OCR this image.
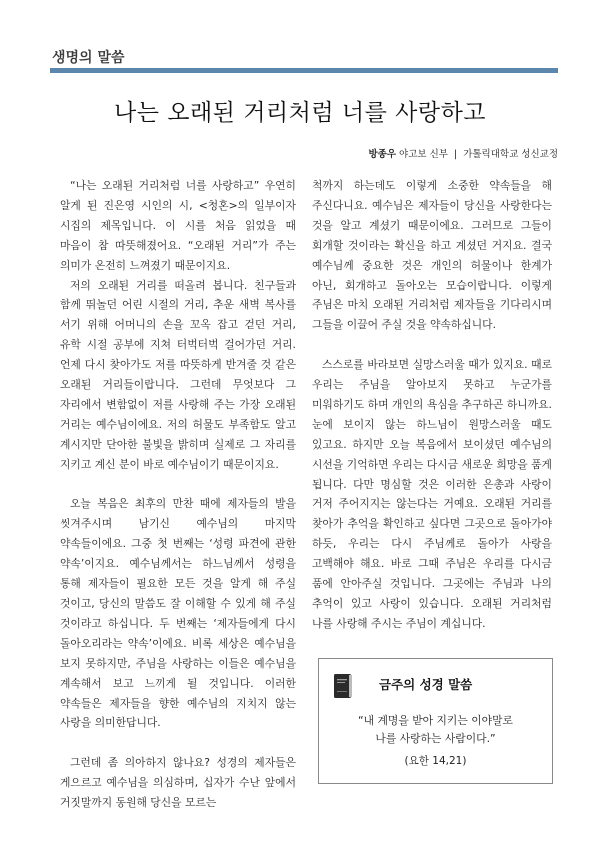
생명의 말씀
나는 오래된 거리처럼 너를 사랑하고
방종우 야고보 신부 | 가톨릭대학교 성신교정

“나는 오래된 거리처럼 너를 사랑하고” 우연히 알게 된 진은영 시인의 시, <청혼>의 일부이자 시집의 제목입니다. 이 시를 처음 읽었을 때 마음이 참 따뜻해졌어요. “오래된 거리”가 주는 의미가 온전히 느껴졌기 때문이지요.

저의 오래된 거리를 떠올려 봅니다. 친구들과 함께 뛰놀던 어린 시절의 거리, 추운 새벽 복사를 서기 위해 어머니의 손을 꼬옥 잡고 걷던 거리, 유학 시절 공부에 지쳐 터벅터벅 걸어가던 거리. 언제 다시 찾아가도 저를 따뜻하게 반겨줄 것 같은 오래된 거리들이랍니다. 그런데 무엇보다 그 자리에서 변함없이 저를 사랑해 주는 가장 오래된 거리는 예수님이에요. 저의 허물도 부족함도 알고 계시지만 단아한 불빛을 밝히며 실제로 그 자리를 지키고 계신 분이 바로 예수님이기 때문이지요.

오늘 복음은 최후의 만찬 때에 제자들의 발을 씻겨주시며 남기신 예수님의 마지막 약속들이에요. 그중 첫 번째는 ‘성령 파견에 관한 약속’이지요. 예수님께서는 하느님께서 성령을 통해 제자들이 필요한 모든 것을 알게 해 주실 것이고, 당신의 말씀도 잘 이해할 수 있게 해 주실 것이라고 하십니다. 두 번째는 ‘제자들에게 다시 돌아오리라는 약속’이에요. 비록 세상은 예수님을 보지 못하지만, 주님을 사랑하는 이들은 예수님을 계속해서 보고 느끼게 될 것입니다. 이러한 약속들은 제자들을 향한 예수님의 지치지 않는 사랑을 의미한답니다.

그런데 좀 의아하지 않나요? 성경의 제자들은 게으르고 예수님을 의심하며, 십자가 수난 앞에서 거짓말까지 동원해 당신을 모르는

척까지 하는데도 이렇게 소중한 약속들을 해 주신다니요. 예수님은 제자들이 당신을 사랑한다는 것을 알고 계셨기 때문이에요. 그러므로 그들이 회개할 것이라는 확신을 하고 계셨던 거지요. 결국 예수님께 중요한 것은 개인의 허물이나 한계가 아닌, 회개하고 돌아오는 모습이랍니다. 이렇게 주님은 마치 오래된 거리처럼 제자들을 기다리시며 그들을 이끌어 주실 것을 약속하십니다.

스스로를 바라보면 실망스러울 때가 있지요. 때로 우리는 주님을 알아보지 못하고 누군가를 미워하기도 하며 개인의 욕심을 추구하곤 하니까요. 눈에 보이지 않는 하느님이 원망스러울 때도 있고요. 하지만 오늘 복음에서 보이셨던 예수님의 시선을 기억하면 우리는 다시금 새로운 희망을 품게 됩니다. 다만 명심할 것은 이러한 은총과 사랑이 거저 주어지지는 않는다는 거예요. 오래된 거리를 찾아가 추억을 확인하고 싶다면 그곳으로 돌아가야 하듯, 우리는 다시 주님께로 돌아가 사랑을 고백해야 해요. 바로 그때 주님은 우리를 다시금 품에 안아주실 것입니다. 그곳에는 주님과 나의 추억이 있고 사랑이 있습니다. 오래된 거리처럼 나를 사랑해 주시는 주님이 계십니다.

금주의 성경 말씀
“내 계명을 받아 지키는 이야말로
나를 사랑하는 사람이다.”
(요한 14,21)
